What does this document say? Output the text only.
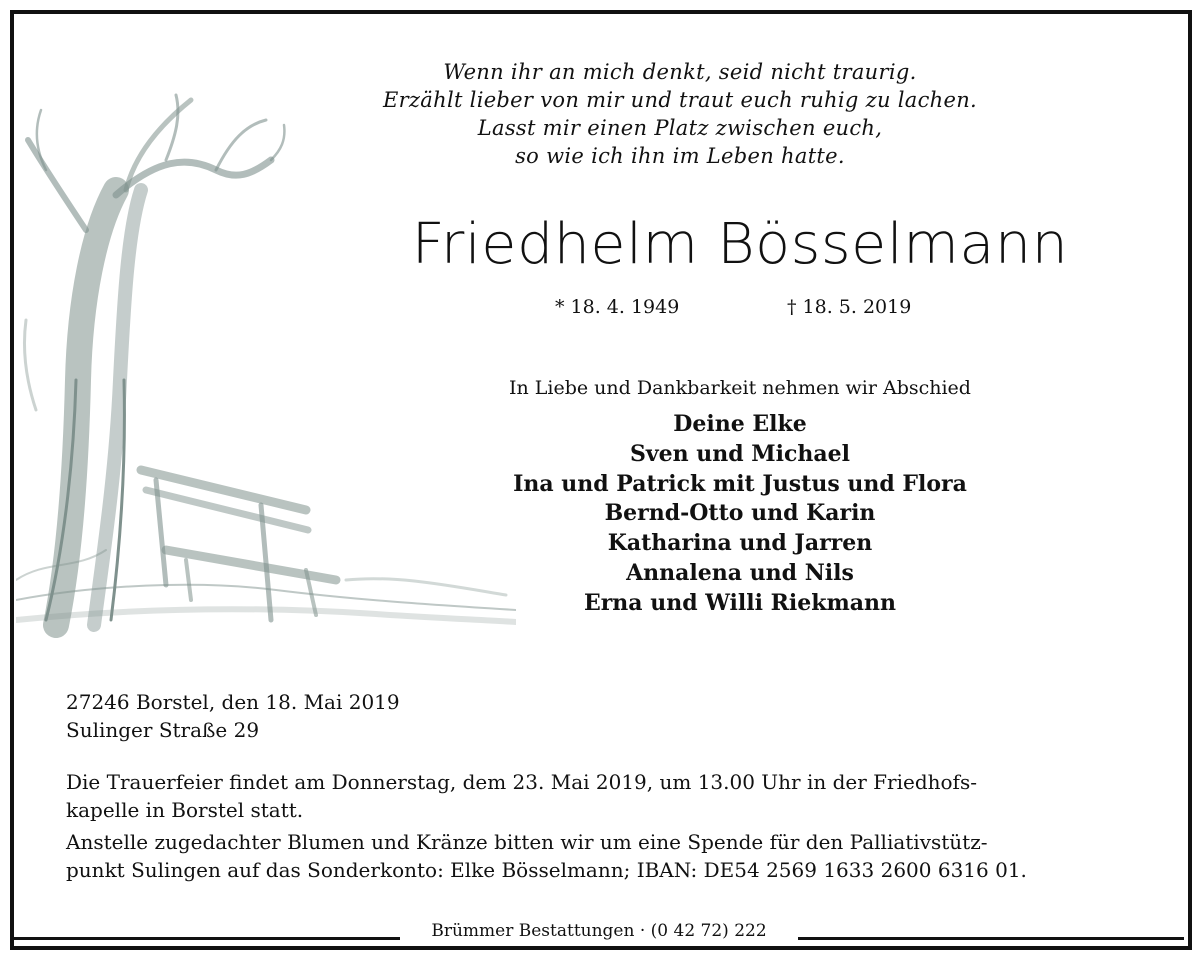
Wenn ihr an mich denkt, seid nicht traurig.
Erzählt lieber von mir und traut euch ruhig zu lachen.
Lasst mir einen Platz zwischen euch,
so wie ich ihn im Leben hatte.
Friedhelm Bösselmann
* 18. 4. 1949	† 18. 5. 2019
In Liebe und Dankbarkeit nehmen wir Abschied
Deine Elke
Sven und Michael
Ina und Patrick mit Justus und Flora
Bernd-Otto und Karin
Katharina und Jarren
Annalena und Nils
Erna und Willi Riekmann
27246 Borstel, den 18. Mai 2019
Sulinger Straße 29
Die Trauerfeier findet am Donnerstag, dem 23. Mai 2019, um 13.00 Uhr in der Friedhofs-
kapelle in Borstel statt.
Anstelle zugedachter Blumen und Kränze bitten wir um eine Spende für den Palliativstütz-
punkt Sulingen auf das Sonderkonto: Elke Bösselmann; IBAN: DE54 2569 1633 2600 6316 01.
Brümmer Bestattungen · (0 42 72) 222
